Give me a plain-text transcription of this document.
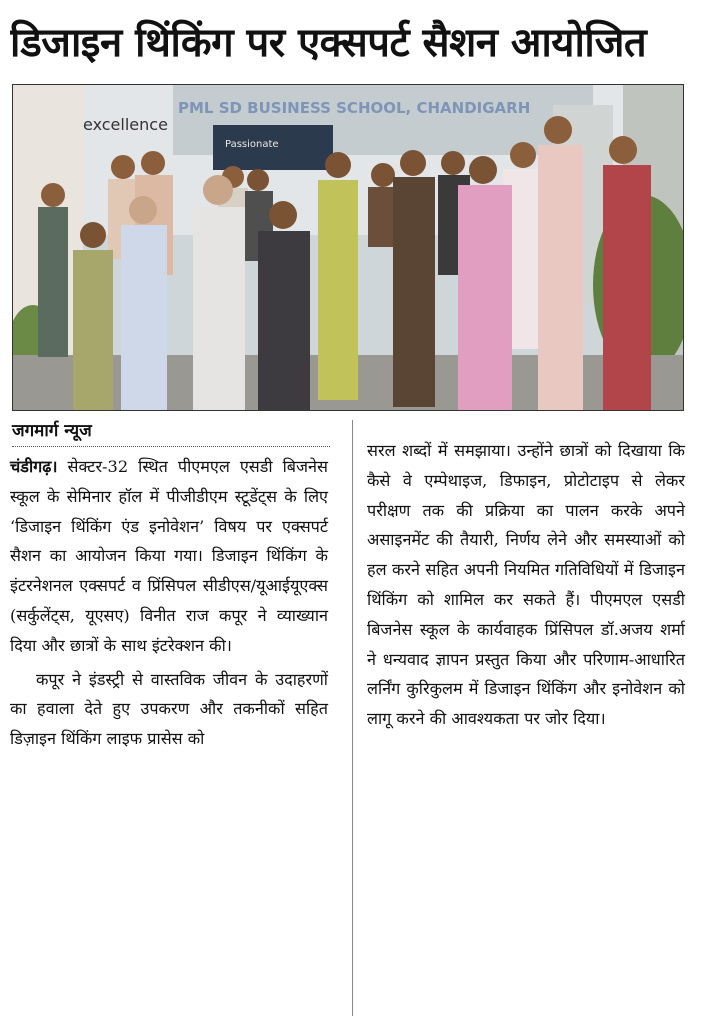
डिजाइन थिंकिंग पर एक्सपर्ट सैशन आयोजित
PML SD BUSINESS SCHOOL, CHANDIGARH
excellence
Passionate
जगमार्ग न्यूज

चंडीगढ़। सेक्टर-32 स्थित पीएमएल एसडी बिजनेस स्कूल के सेमिनार हॉल में पीजीडीएम स्टूडेंट्स के लिए ‘डिजाइन थिंकिंग एंड इनोवेशन’ विषय पर एक्सपर्ट सैशन का आयोजन किया गया। डिजाइन थिंकिंग के इंटरनेशनल एक्सपर्ट व प्रिंसिपल सीडीएस/यूआईयूएक्स (सर्कुलेंट्स, यूएसए) विनीत राज कपूर ने व्याख्यान दिया और छात्रों के साथ इंटरेक्शन की।

कपूर ने इंडस्ट्री से वास्तविक जीवन के उदाहरणों का हवाला देते हुए उपकरण और तकनीकों सहित डिज़ाइन थिंकिंग लाइफ प्रासेस को

सरल शब्दों में समझाया। उन्होंने छात्रों को दिखाया कि कैसे वे एम्पेथाइज, डिफाइन, प्रोटोटाइप से लेकर परीक्षण तक की प्रक्रिया का पालन करके अपने असाइनमेंट की तैयारी, निर्णय लेने और समस्याओं को हल करने सहित अपनी नियमित गतिविधियों में डिजाइन थिंकिंग को शामिल कर सकते हैं। पीएमएल एसडी बिजनेस स्कूल के कार्यवाहक प्रिंसिपल डॉ.अजय शर्मा ने धन्यवाद ज्ञापन प्रस्तुत किया और परिणाम-आधारित लर्निंग कुरिकुलम में डिजाइन थिंकिंग और इनोवेशन को लागू करने की आवश्यकता पर जोर दिया।
